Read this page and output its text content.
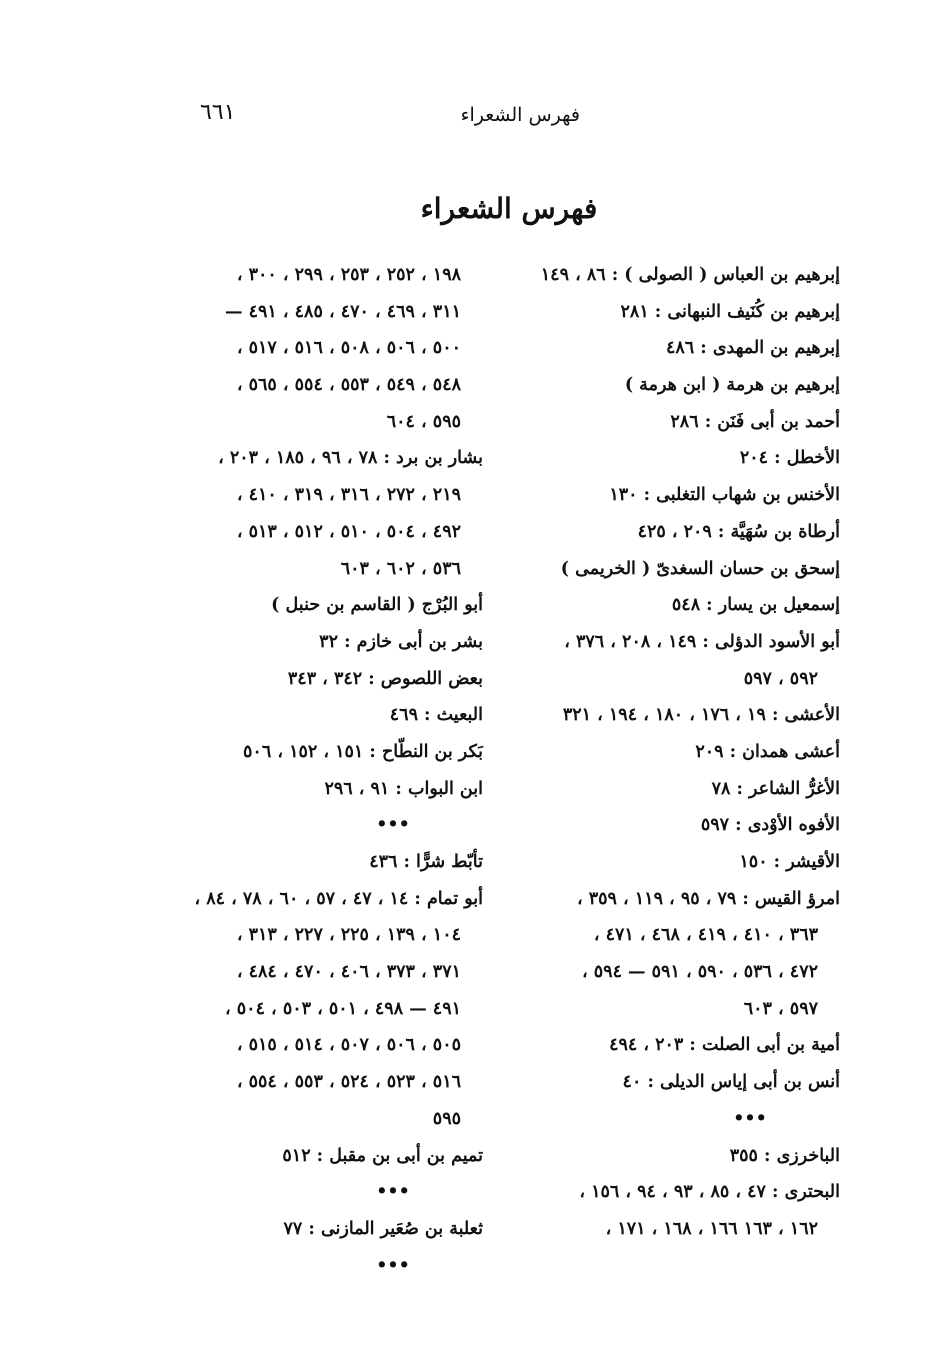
فهرس الشعراء
٦٦١
فهرس الشعراء
إبرهيم بن العباس ( الصولى ) : ٨٦ ، ١٤٩
إبرهيم بن كُنَيف النبهانى : ٢٨١
إبرهيم بن المهدى : ٤٨٦
إبرهيم بن هرمة ( ابن هرمة )
أحمد بن أبى فَنَن : ٢٨٦
الأخطل : ٢٠٤
الأخنس بن شهاب التغلبى : ١٣٠
أرطاة بن سُهَيَّة : ٢٠٩ ، ٤٢٥
إسحق بن حسان السغدىّ ( الخريمى )
إسمعيل بن يسار : ٥٤٨
أبو الأسود الدؤلى : ١٤٩ ، ٢٠٨ ، ٣٧٦ ،
٥٩٢ ، ٥٩٧
الأعشى : ١٩ ، ١٧٦ ، ١٨٠ ، ١٩٤ ، ٣٢١
أعشى همدان : ٢٠٩
الأغرُّ الشاعر : ٧٨
الأفوه الأوْدى : ٥٩٧
الأقيشر : ١٥٠
امرؤ القيس : ٧٩ ، ٩٥ ، ١١٩ ، ٣٥٩ ،
٣٦٣ ، ٤١٠ ، ٤١٩ ، ٤٦٨ ، ٤٧١ ،
٤٧٢ ، ٥٣٦ ، ٥٩٠ ، ٥٩١ — ٥٩٤ ،
٥٩٧ ، ٦٠٣
أمية بن أبى الصلت : ٢٠٣ ، ٤٩٤
أنس بن أبى إياس الديلى : ٤٠
•••
الباخرزى : ٣٥٥
البحترى : ٤٧ ، ٨٥ ، ٩٣ ، ٩٤ ، ١٥٦ ،
١٦٢ ، ١٦٣ ١٦٦ ، ١٦٨ ، ١٧١ ،
١٩٨ ، ٢٥٢ ، ٢٥٣ ، ٢٩٩ ، ٣٠٠ ،
٣١١ ، ٤٦٩ ، ٤٧٠ ، ٤٨٥ ، ٤٩١ —
٥٠٠ ، ٥٠٦ ، ٥٠٨ ، ٥١٦ ، ٥١٧ ،
٥٤٨ ، ٥٤٩ ، ٥٥٣ ، ٥٥٤ ، ٥٦٥ ،
٥٩٥ ، ٦٠٤
بشار بن برد : ٧٨ ، ٩٦ ، ١٨٥ ، ٢٠٣ ،
٢١٩ ، ٢٧٢ ، ٣١٦ ، ٣١٩ ، ٤١٠ ،
٤٩٢ ، ٥٠٤ ، ٥١٠ ، ٥١٢ ، ٥١٣ ،
٥٣٦ ، ٦٠٢ ، ٦٠٣
أبو البُرْج ( القاسم بن حنبل )
بشر بن أبى خازم : ٣٢
بعض اللصوص : ٣٤٢ ، ٣٤٣
البعيث : ٤٦٩
بَكر بن النطّاح : ١٥١ ، ١٥٢ ، ٥٠٦
ابن البواب : ٩١ ، ٢٩٦
•••
تأبّط شرًّا : ٤٣٦
أبو تمام : ١٤ ، ٤٧ ، ٥٧ ، ٦٠ ، ٧٨ ، ٨٤ ،
١٠٤ ، ١٣٩ ، ٢٢٥ ، ٢٢٧ ، ٣١٣ ،
٣٧١ ، ٣٧٣ ، ٤٠٦ ، ٤٧٠ ، ٤٨٤ ،
٤٩١ — ٤٩٨ ، ٥٠١ ، ٥٠٣ ، ٥٠٤ ،
٥٠٥ ، ٥٠٦ ، ٥٠٧ ، ٥١٤ ، ٥١٥ ،
٥١٦ ، ٥٢٣ ، ٥٢٤ ، ٥٥٣ ، ٥٥٤ ،
٥٩٥
تميم بن أبى بن مقبل : ٥١٢
•••
ثعلبة بن صُعَير المازنى : ٧٧
•••
